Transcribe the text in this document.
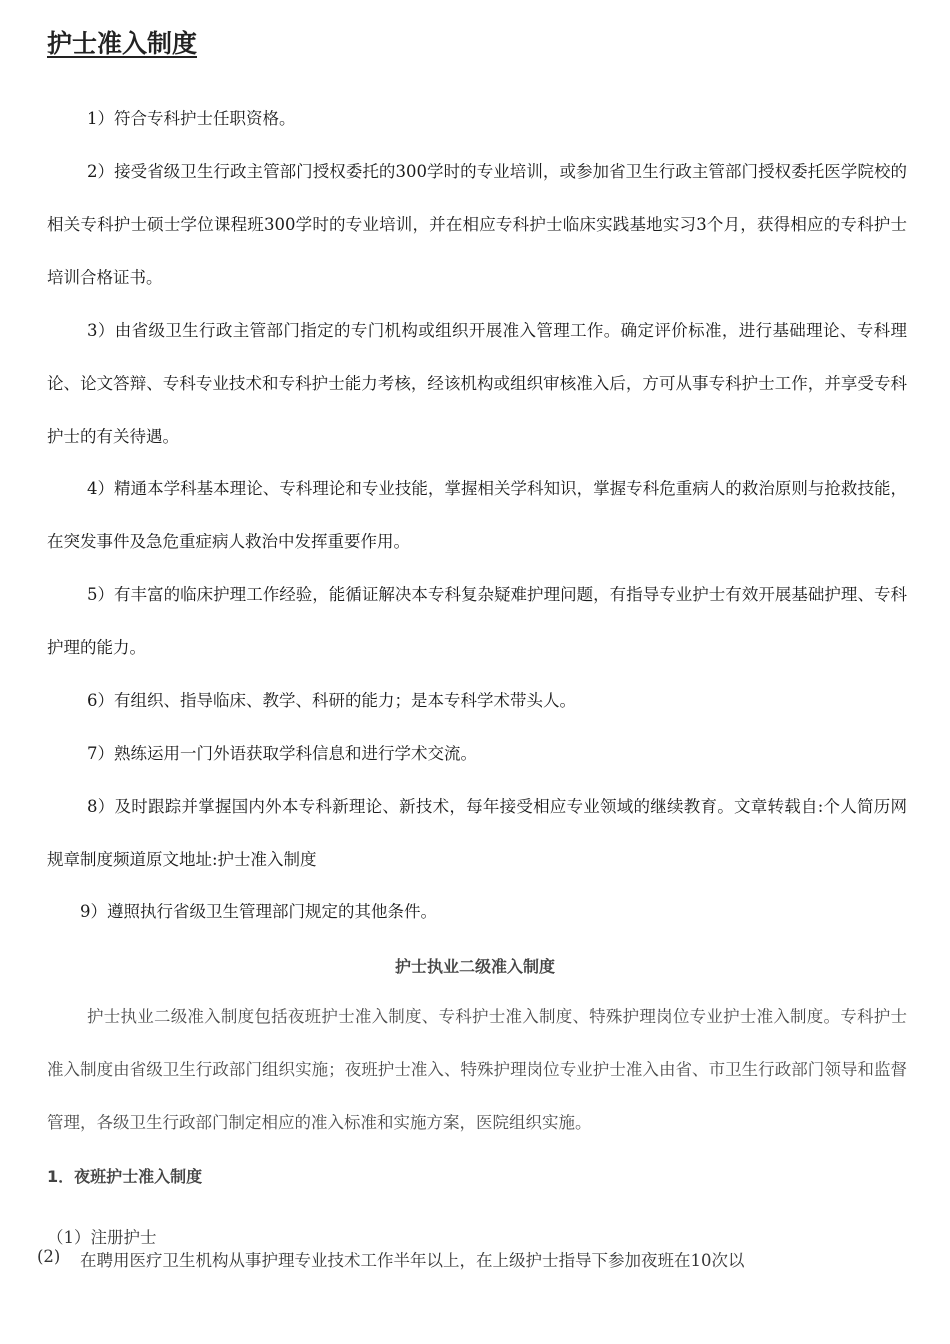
护士准入制度

1）符合专科护士任职资格。

2）接受省级卫生行政主管部门授权委托的300学时的专业培训，或参加省卫生行政主管部门授权委托医学院校的相关专科护士硕士学位课程班300学时的专业培训，并在相应专科护士临床实践基地实习3个月，获得相应的专科护士培训合格证书。

3）由省级卫生行政主管部门指定的专门机构或组织开展准入管理工作。确定评价标准，进行基础理论、专科理论、论文答辩、专科专业技术和专科护士能力考核，经该机构或组织审核准入后，方可从事专科护士工作，并享受专科护士的有关待遇。

4）精通本学科基本理论、专科理论和专业技能，掌握相关学科知识，掌握专科危重病人的救治原则与抢救技能，在突发事件及急危重症病人救治中发挥重要作用。

5）有丰富的临床护理工作经验，能循证解决本专科复杂疑难护理问题，有指导专业护士有效开展基础护理、专科护理的能力。

6）有组织、指导临床、教学、科研的能力；是本专科学术带头人。

7）熟练运用一门外语获取学科信息和进行学术交流。

8）及时跟踪并掌握国内外本专科新理论、新技术，每年接受相应专业领域的继续教育。文章转载自:个人简历网规章制度频道原文地址:护士准入制度

9）遵照执行省级卫生管理部门规定的其他条件。

护士执业二级准入制度

护士执业二级准入制度包括夜班护士准入制度、专科护士准入制度、特殊护理岗位专业护士准入制度。专科护士准入制度由省级卫生行政部门组织实施；夜班护士准入、特殊护理岗位专业护士准入由省、市卫生行政部门领导和监督管理，各级卫生行政部门制定相应的准入标准和实施方案，医院组织实施。

1．夜班护士准入制度

（1）注册护士

(2) 在聘用医疗卫生机构从事护理专业技术工作半年以上，在上级护士指导下参加夜班在10次以
